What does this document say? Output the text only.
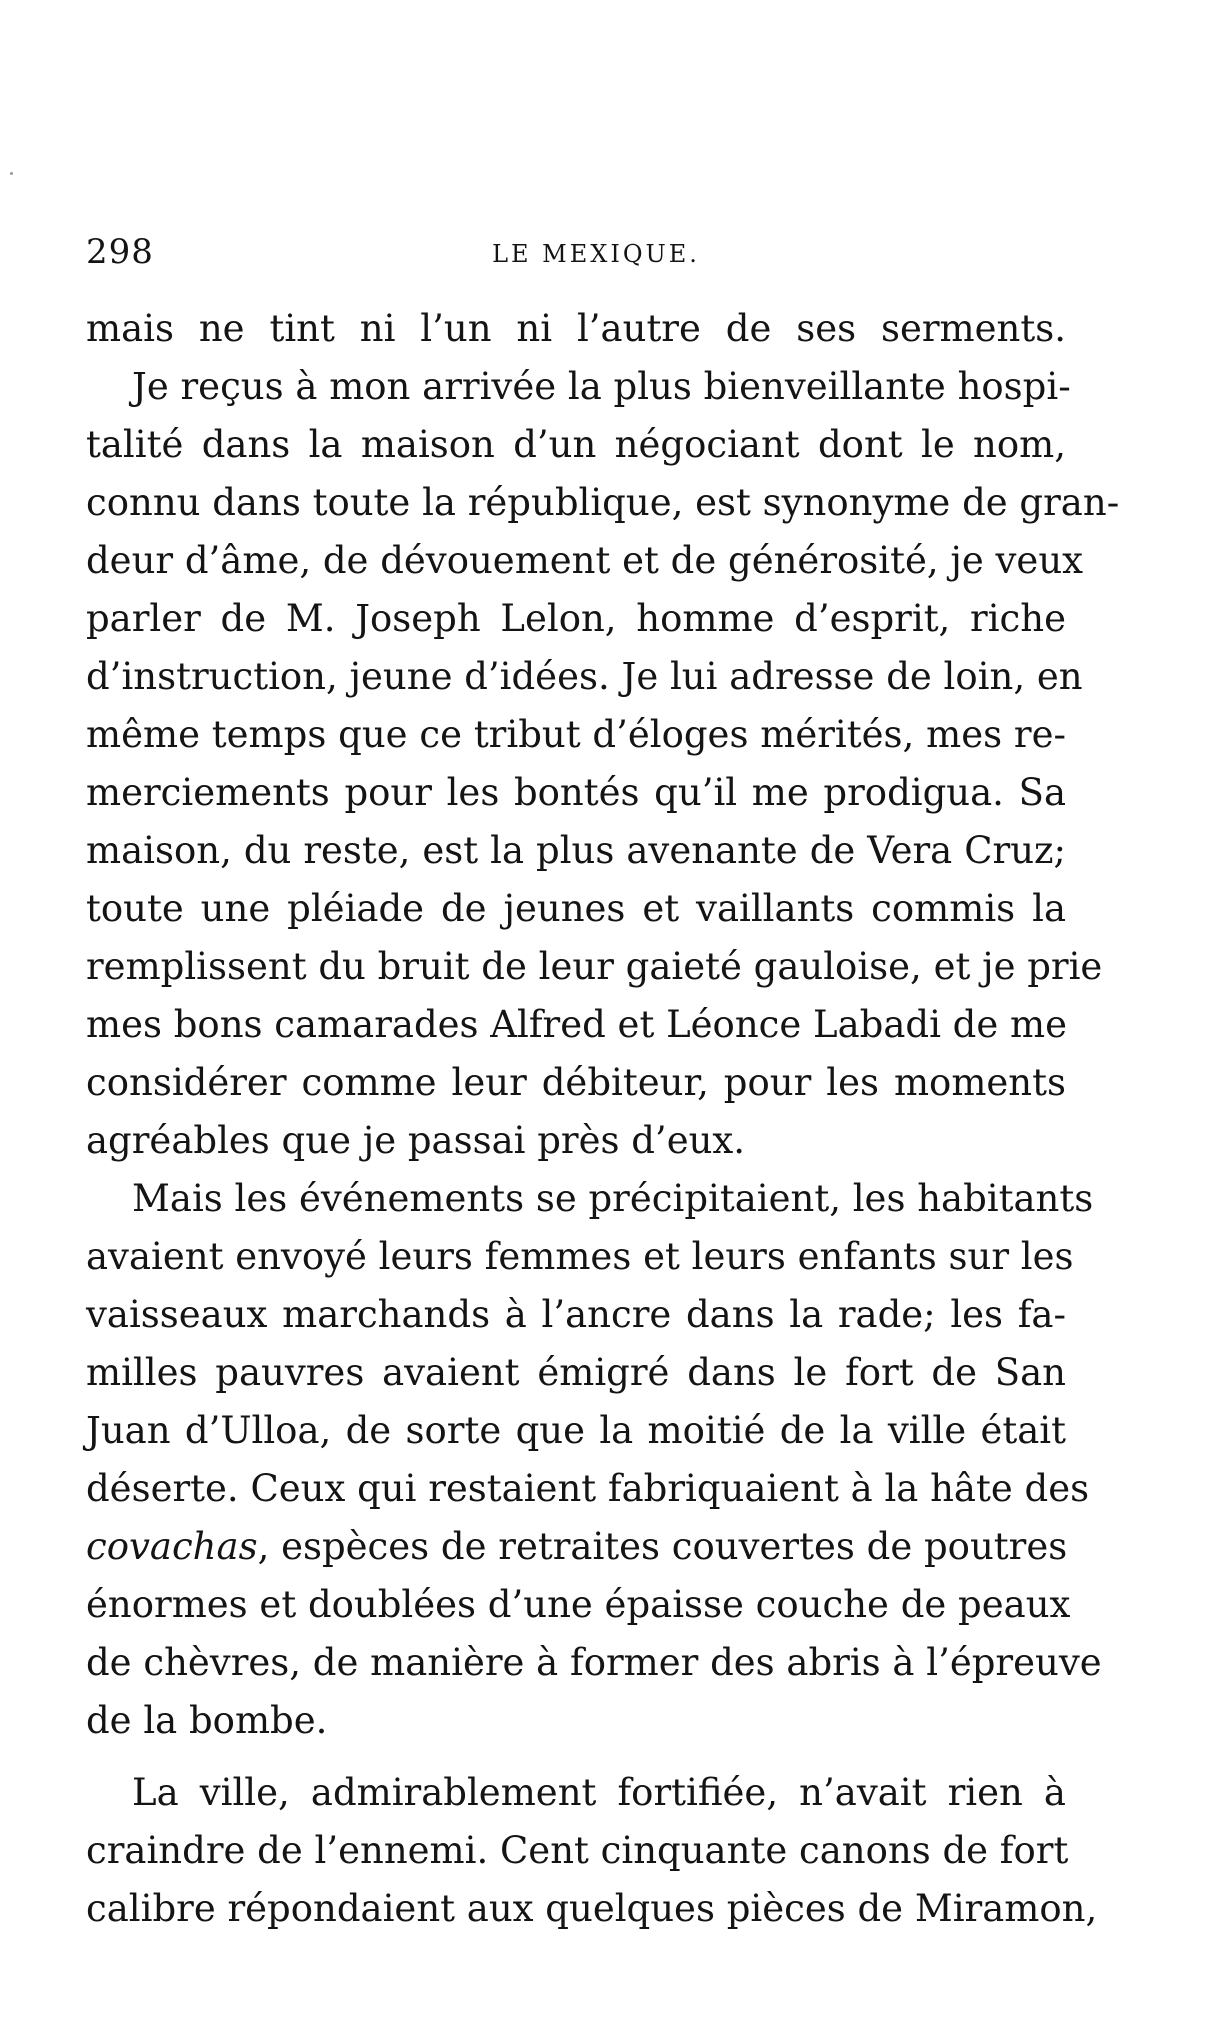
298	LE MEXIQUE.
mais ne tint ni l’un ni l’autre de ses serments.
Je reçus à mon arrivée la plus bienveillante hospi-
talité dans la maison d’un négociant dont le nom,
connu dans toute la république, est synonyme de gran-
deur d’âme, de dévouement et de générosité, je veux
parler de M. Joseph Lelon, homme d’esprit, riche
d’instruction, jeune d’idées. Je lui adresse de loin, en
même temps que ce tribut d’éloges mérités, mes re-
merciements pour les bontés qu’il me prodigua. Sa
maison, du reste, est la plus avenante de Vera Cruz;
toute une pléiade de jeunes et vaillants commis la
remplissent du bruit de leur gaieté gauloise, et je prie
mes bons camarades Alfred et Léonce Labadi de me
considérer comme leur débiteur, pour les moments
agréables que je passai près d’eux.
Mais les événements se précipitaient, les habitants
avaient envoyé leurs femmes et leurs enfants sur les
vaisseaux marchands à l’ancre dans la rade; les fa-
milles pauvres avaient émigré dans le fort de San
Juan d’Ulloa, de sorte que la moitié de la ville était
déserte. Ceux qui restaient fabriquaient à la hâte des
covachas, espèces de retraites couvertes de poutres
énormes et doublées d’une épaisse couche de peaux
de chèvres, de manière à former des abris à l’épreuve
de la bombe.
La ville, admirablement fortifiée, n’avait rien à
craindre de l’ennemi. Cent cinquante canons de fort
calibre répondaient aux quelques pièces de Miramon,
